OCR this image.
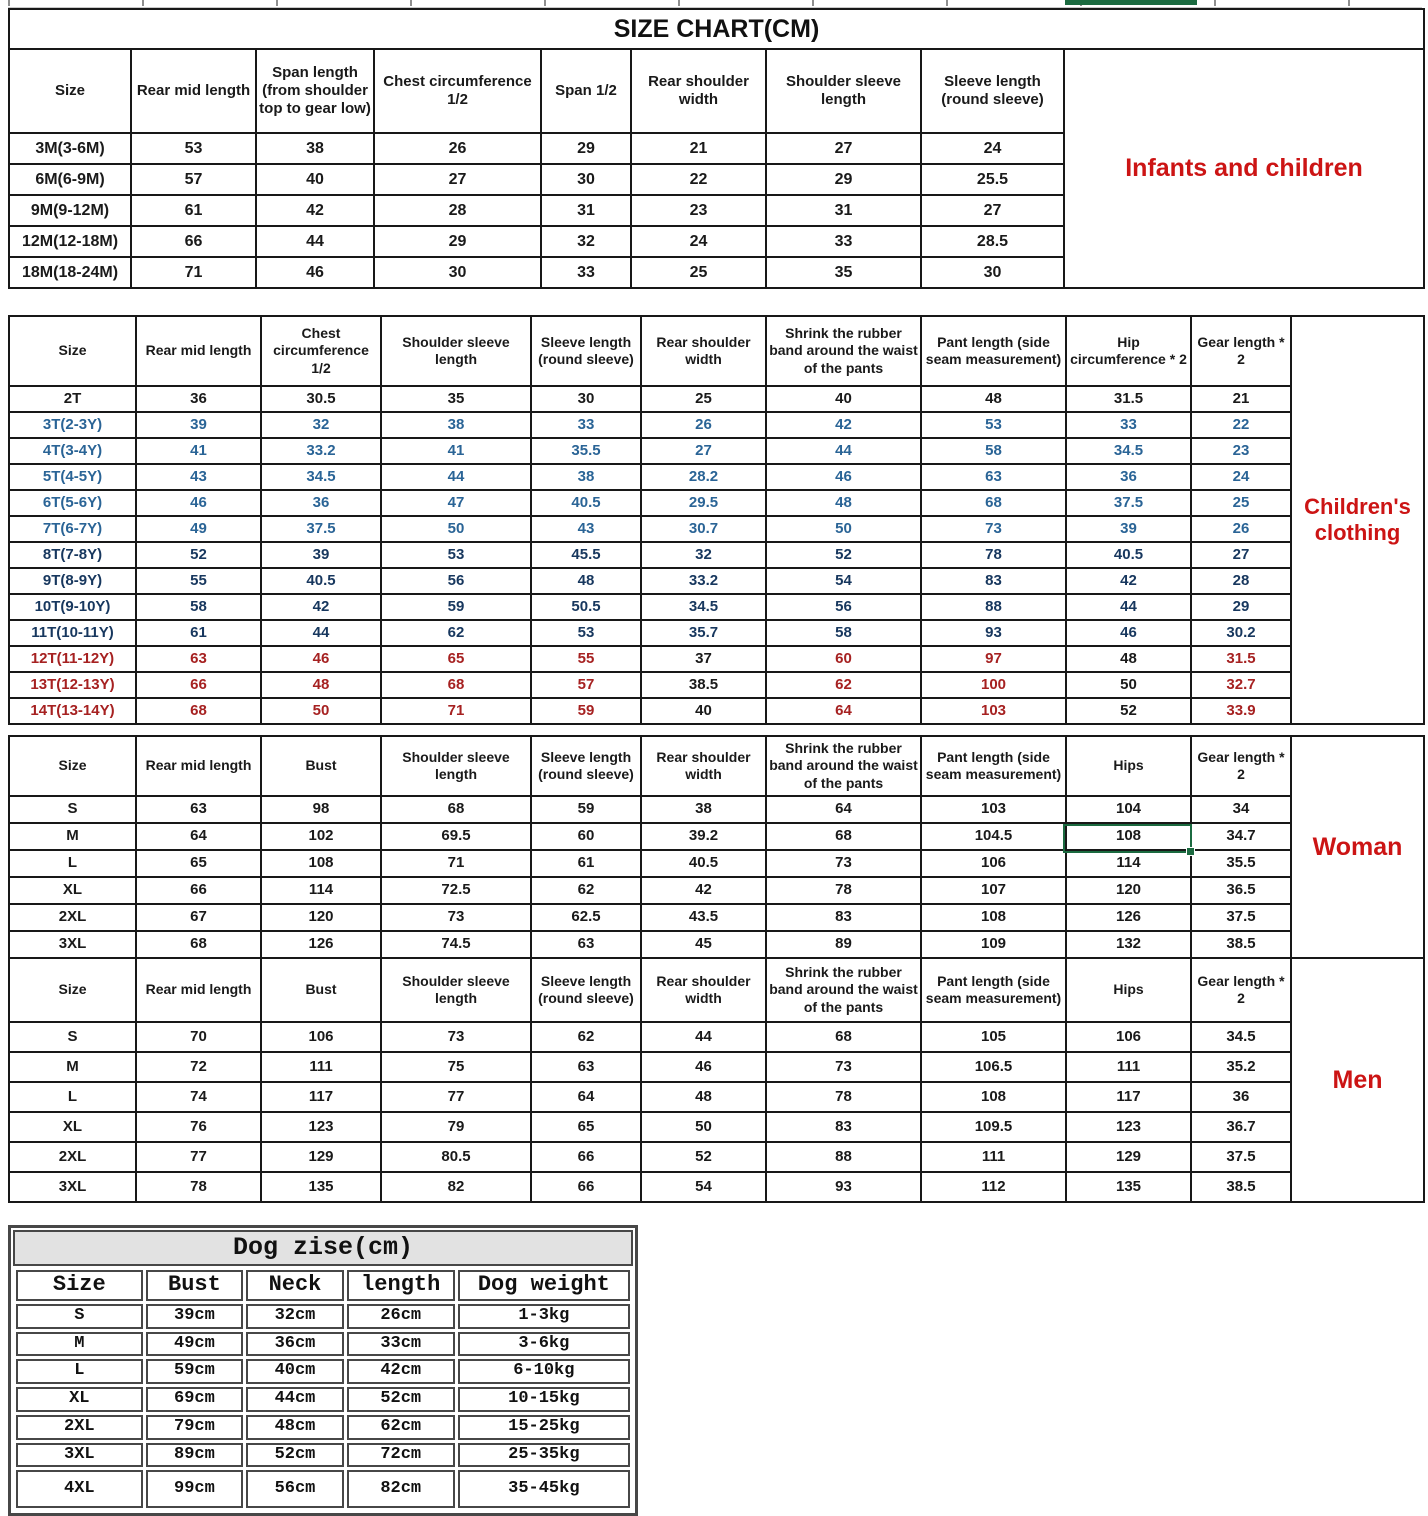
SIZE CHART(CM)
Size	Rear mid length	Span length (from shoulder top to gear low)	Chest circumference 1/2	Span 1/2	Rear shoulder width	Shoulder sleeve length	Sleeve length (round sleeve)
3M(3-6M)	53	38	26	29	21	27	24
6M(6-9M)	57	40	27	30	22	29	25.5
9M(9-12M)	61	42	28	31	23	31	27
12M(12-18M)	66	44	29	32	24	33	28.5
18M(18-24M)	71	46	30	33	25	35	30
Infants and children
Size	Rear mid length	Chest circumference 1/2	Shoulder sleeve length	Sleeve length (round sleeve)	Rear shoulder width	Shrink the rubber band around the waist of the pants	Pant length (side seam measurement)	Hip circumference * 2	Gear length * 2
2T	36	30.5	35	30	25	40	48	31.5	21
3T(2-3Y)	39	32	38	33	26	42	53	33	22
4T(3-4Y)	41	33.2	41	35.5	27	44	58	34.5	23
5T(4-5Y)	43	34.5	44	38	28.2	46	63	36	24
6T(5-6Y)	46	36	47	40.5	29.5	48	68	37.5	25
7T(6-7Y)	49	37.5	50	43	30.7	50	73	39	26
8T(7-8Y)	52	39	53	45.5	32	52	78	40.5	27
9T(8-9Y)	55	40.5	56	48	33.2	54	83	42	28
10T(9-10Y)	58	42	59	50.5	34.5	56	88	44	29
11T(10-11Y)	61	44	62	53	35.7	58	93	46	30.2
12T(11-12Y)	63	46	65	55	37	60	97	48	31.5
13T(12-13Y)	66	48	68	57	38.5	62	100	50	32.7
14T(13-14Y)	68	50	71	59	40	64	103	52	33.9
Children's clothing
Size	Rear mid length	Bust	Shoulder sleeve length	Sleeve length (round sleeve)	Rear shoulder width	Shrink the rubber band around the waist of the pants	Pant length (side seam measurement)	Hips	Gear length * 2
S	63	98	68	59	38	64	103	104	34
M	64	102	69.5	60	39.2	68	104.5	108	34.7
L	65	108	71	61	40.5	73	106	114	35.5
XL	66	114	72.5	62	42	78	107	120	36.5
2XL	67	120	73	62.5	43.5	83	108	126	37.5
3XL	68	126	74.5	63	45	89	109	132	38.5
Woman
Size	Rear mid length	Bust	Shoulder sleeve length	Sleeve length (round sleeve)	Rear shoulder width	Shrink the rubber band around the waist of the pants	Pant length (side seam measurement)	Hips	Gear length * 2
S	70	106	73	62	44	68	105	106	34.5
M	72	111	75	63	46	73	106.5	111	35.2
L	74	117	77	64	48	78	108	117	36
XL	76	123	79	65	50	83	109.5	123	36.7
2XL	77	129	80.5	66	52	88	111	129	37.5
3XL	78	135	82	66	54	93	112	135	38.5
Men
Dog zise(cm)
Size	Bust	Neck	length	Dog weight
S	39cm	32cm	26cm	1-3kg
M	49cm	36cm	33cm	3-6kg
L	59cm	40cm	42cm	6-10kg
XL	69cm	44cm	52cm	10-15kg
2XL	79cm	48cm	62cm	15-25kg
3XL	89cm	52cm	72cm	25-35kg
4XL	99cm	56cm	82cm	35-45kg
